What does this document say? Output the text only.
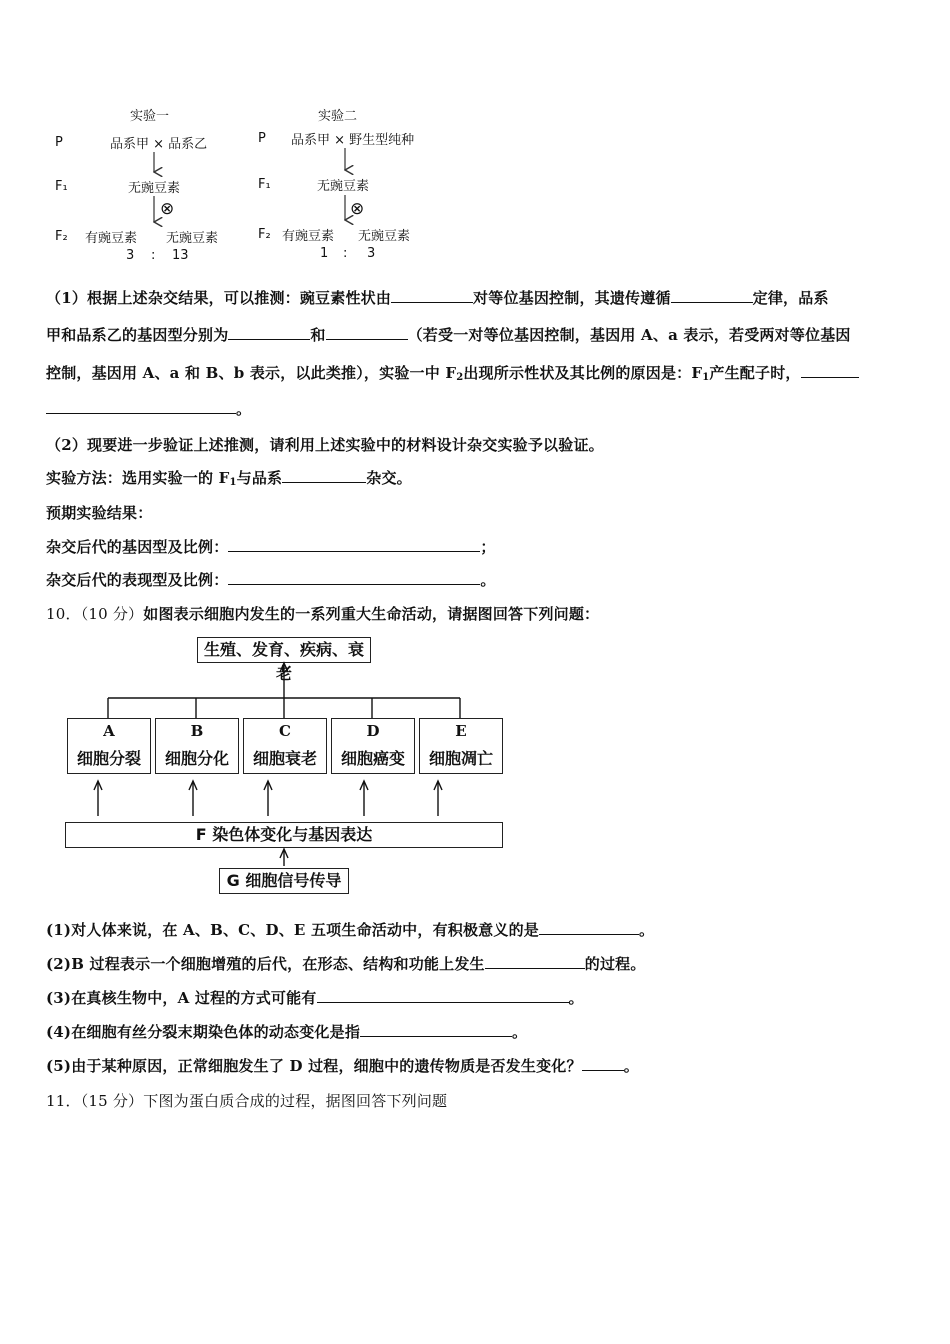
实验一
P	品系甲 × 品系乙
F₁	无豌豆素
⊗
F₂ 有豌豆素 无豌豆素
3 : 13
实验二
P 品系甲 × 野生型纯种
F₁	无豌豆素
⊗
F₂ 有豌豆素 无豌豆素
1 : 3
（1）根据上述杂交结果，可以推测：豌豆素性状由	对等位基因控制，其遗传遵循	定律，品系
甲和品系乙的基因型分别为	和	（若受一对等位基因控制，基因用 A、a 表示，若受两对等位基因
控制，基因用 A、a 和 B、b 表示，以此类推），实验一中 $F_2$出现所示性状及其比例的原因是：$F_1$产生配子时，
。
（2）现要进一步验证上述推测，请利用上述实验中的材料设计杂交实验予以验证。
实验方法：选用实验一的 $F_1$与品系	杂交。
预期实验结果：
杂交后代的基因型及比例：	；
杂交后代的表现型及比例：	。
10．（10 分）如图表示细胞内发生的一系列重大生命活动，请据图回答下列问题：
生殖、发育、疾病、衰老
A
细胞分裂
B
细胞分化
C
细胞衰老
D
细胞癌变
E
细胞凋亡
F 染色体变化与基因表达
G 细胞信号传导
(1)对人体来说，在 A、B、C、D、E 五项生命活动中，有积极意义的是	。
(2)B 过程表示一个细胞增殖的后代，在形态、结构和功能上发生	的过程。
(3)在真核生物中，A 过程的方式可能有	。
(4)在细胞有丝分裂末期染色体的动态变化是指	。
(5)由于某种原因，正常细胞发生了 D 过程，细胞中的遗传物质是否发生变化？	。
11．（15 分）下图为蛋白质合成的过程，据图回答下列问题
